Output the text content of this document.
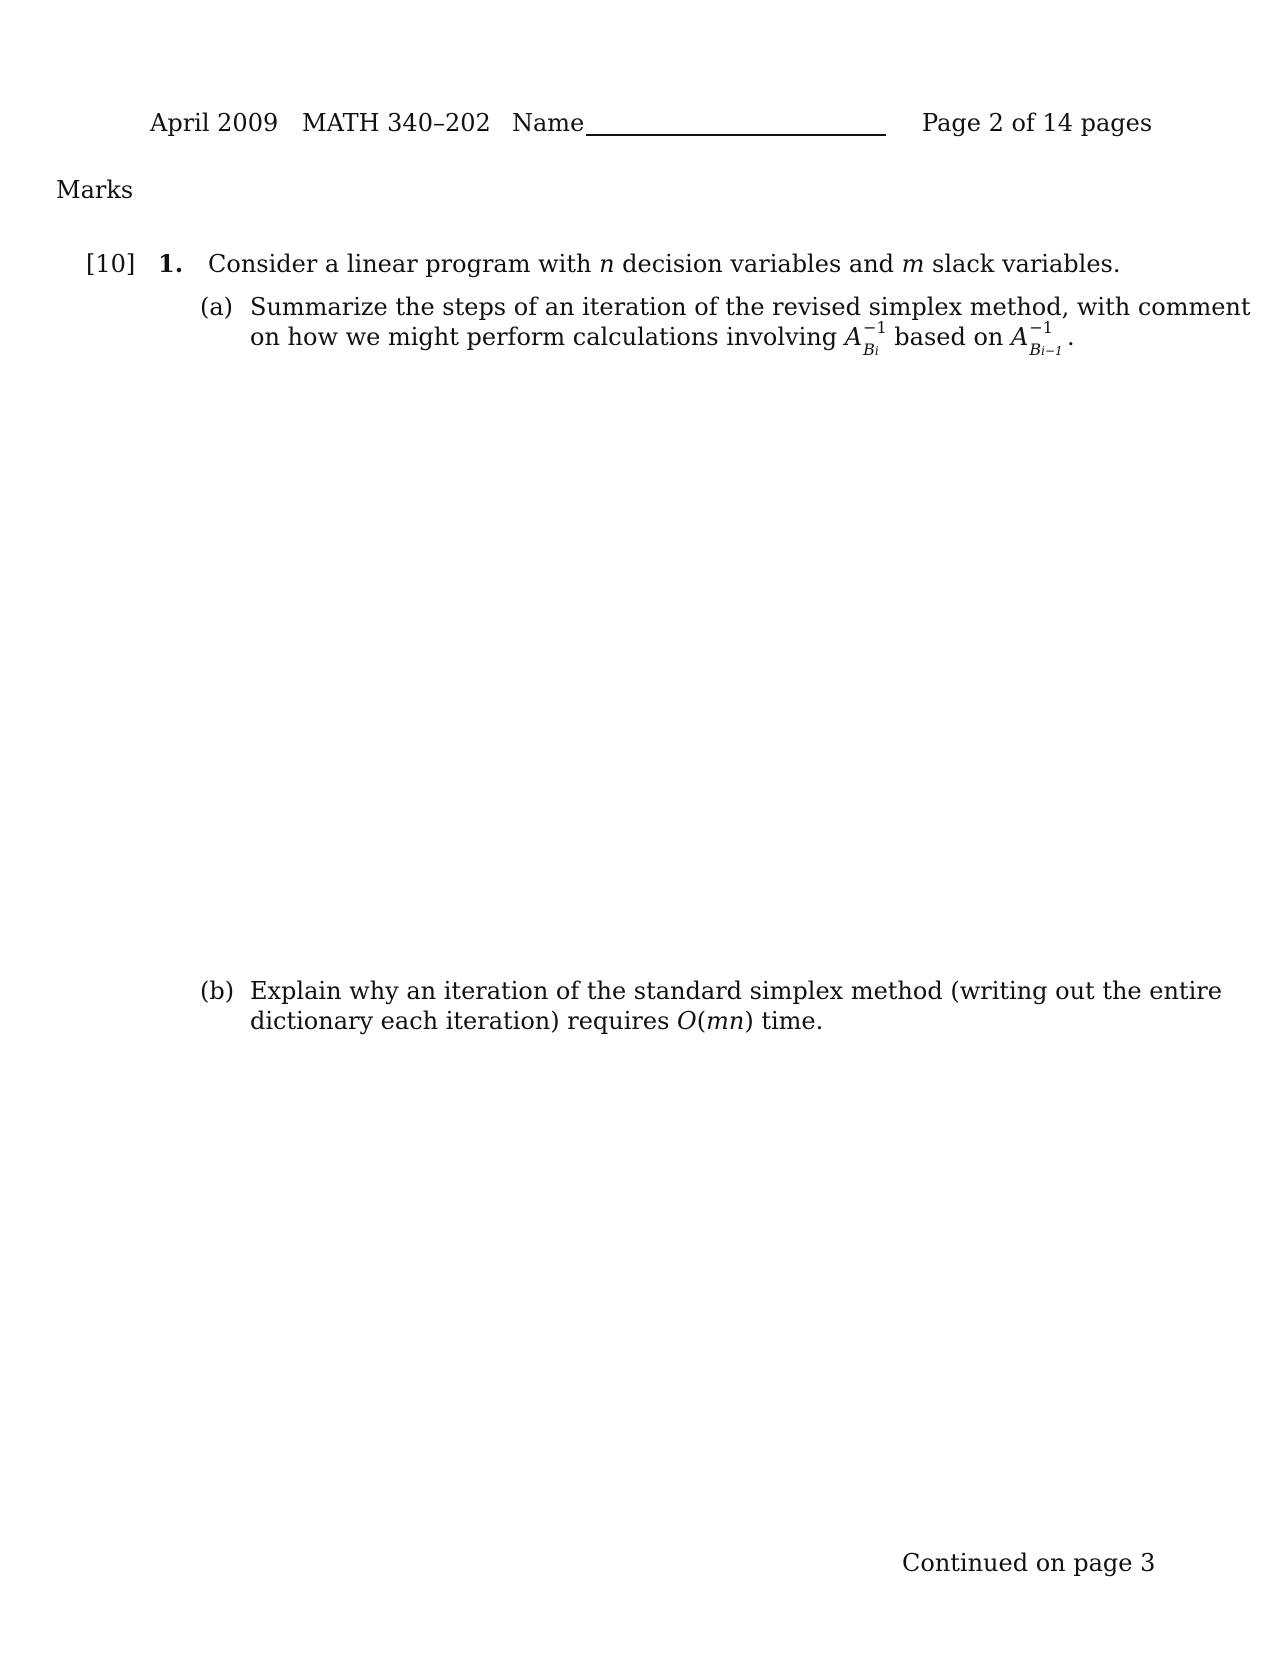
April 2009 MATH 340–202 Name	Page 2 of 14 pages
Marks
[10] 1. Consider a linear program with n decision variables and m slack variables.
(a) Summarize the steps of an iteration of the revised simplex method, with comment
on how we might perform calculations involving A −1
Bi based on A −1
Bi−1 .
(b) Explain why an iteration of the standard simplex method (writing out the entire
dictionary each iteration) requires O(mn) time.
Continued on page 3
